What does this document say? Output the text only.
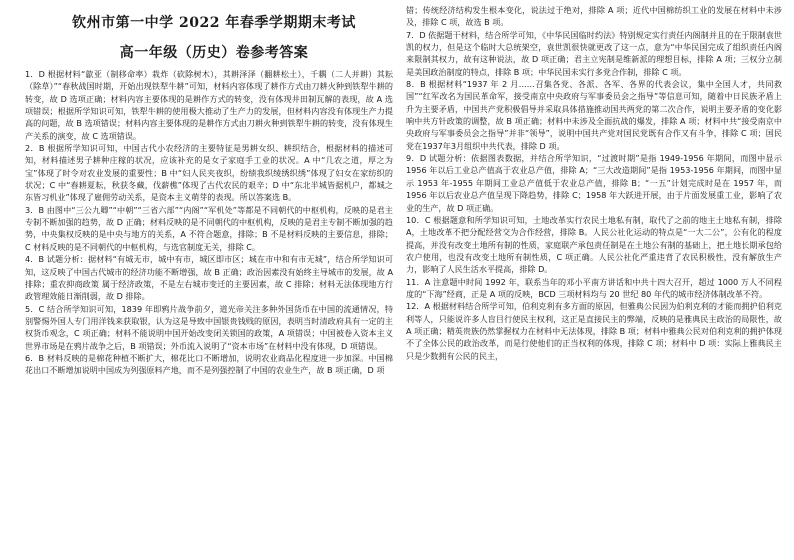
钦州市第一中学 2022 年春季学期期末考试
高一年级（历史）卷参考答案

1．D 根据材料“歙亚（制移命率）栽炸（砍除树木），其耕泽泽（翻耕松土），千耦（二人并耕）其耘（除草）”“春秋战国时期，开始出现铁犁牛耕”可知，材料内容体现了耕作方式由刀耕火种到铁犁牛耕的转变，故 D 选项正确；材料内容主要体现的是耕作方式的转变，没有体现井田制瓦解的表现，故 A 选项错误；根据所学知识可知，铁犁牛耕的使用极大推动了生产力的发展，但材料内容没有体现生产力提高的问题，故 B 选项错误；材料内容主要体现的是耕作方式由刀耕火种到铁犁牛耕的转变，没有体现生产关系的演变，故 C 选项错误。

2．B 根据所学知识可知，中国古代小农经济的主要特征是男耕女织、耕织结合，根据材料的描述可知，材料描述男子耕种庄稼的状况，应该补充的是女子家庭手工业的状况。A 中“几农之道，厚之为宝”体现了时令对农业发展的重要性；B 中“妇人民夹夜织，纷绩我织绫绣织绣”体现了妇女在家纺织的状况；C 中“春耕夏耘，秋获冬藏，伐薪樵”体现了古代农民的艰辛；D 中“东北半城皆据机户，都城之东皆习机业”体现了雇佣劳动关系，是资本主义萌芽的表现。所以答案选 B。

3．B 由图中“三公九卿”“中朝”“三省六部”“内阁”“军机处”等都是不同朝代的中枢机构，反映的是君主专制不断加强的趋势，故 D 正确；材料反映的是不同朝代的中枢机构，反映的是君主专制不断加强的趋势，中央集权反映的是中央与地方的关系，A 不符合题意，排除；B 不是材料反映的主要信息，排除；C 材料反映的是不同朝代的中枢机构，与选官制度无关，排除 C。

4．B 试题分析：据材料“有城无市，城中有市，城区即市区；城在市中和有市无城”，结合所学知识可知，这反映了中国古代城市的经济功能不断增强，故 B 正确；政治因素没有始终主导城市的发展，故 A 排除；重农抑商政策 属于经济政策，不是左右城市变迁的主要因素，故 C 排除；材料无法体现地方行政管理效能日渐削弱，故 D 排除。

5．C 结合所学知识可知，1839 年即鸦片战争前夕，道光帝关注多种外国货币在中国的流通情况，特别警惕外国人专门用洋钱来获取银，认为这是导致中国银贵钱贱的原因，表明当时清政府具有一定的主权货币观念，C 项正确；材料不能说明中国开始改变闭关锁国的政策，A 项错误；中国被卷入资本主义世界市场是在鸦片战争之后，B 项错误；外币流入说明了“资本市场”在材料中没有体现，D 项错误。

6．B 材料反映的是棉花种植不断扩大，棉花比口不断增加，说明农业商品化程度进一步加深。中国棉花出口不断增加说明中国成为列强原料产地，而不是列强控制了中国的农业生产，故 B 项正确，D 项

错；传统经济结构发生根本变化，说法过于绝对，排除 A 项；近代中国棉纺织工业的发展在材料中未涉及，排除 C 项，故选 B 项。

7．D 依据题干材料，结合所学可知，《中华民国临时约法》特别规定实行责任内阁制并且的在于限制袁世凯的权力，但是这个临时大总统架空，袁世凯很快就更改了这一点，意为“中华民国完成了组织责任内阁来限制其权力，故有这种说法，故 D 项正确；君主立宪制是维新派的理想目标，排除 A 项；三权分立制是美国政治制度的特点，排除 B 项；中华民国未实行多党合作制，排除 C 项。

8．B 根据材料“1937 年 2 月……召集各党、各派、各军、各界的代表会议，集中全国人才，共同救国”“红军改名为国民革命军，接受南京中央政府与军事委员会之指导”等信息可知，随着中日民族矛盾上升为主要矛盾，中国共产党积极倡导并采取具体措施推动国共两党的第二次合作，说明主要矛盾的变化影响中共方针政策的调整，故 B 项正确；材料中未涉及全面抗战的爆发，排除 A 项；材料中共“接受南京中央政府与军事委员会之指导”并非“领导”，说明中国共产党对国民党既有合作又有斗争，排除 C 项；国民党在1937年3月组织中共代表，排除 D 项。

9．D 试题分析：依据图表数据，并结合所学知识，“过渡时期”是指 1949-1956 年期间，而图中显示 1956 年以后工业总产值高于农业总产值，排除 A；“三大改造期间”是指 1953-1956 年期间，而图中显示 1953 年-1955 年期间工业总产值低于农业总产值，排除 B；“一五”计划完成时是在 1957 年，而 1956 年以后农业总产值呈现下降趋势，排除 C；1958 年大跃进开展，由于片面发展重工业，影响了农业的生产，故 D 项正确。

10．C 根据题意和所学知识可知，土地改革实行农民土地私有制，取代了之前的地主土地私有制，排除 A，土地改革不把分配经营交为合作经营，排除 B。人民公社化运动的特点是“一大二公”，公有化的程度提高，并没有改变土地所有制的性质，家庭联产承包责任制是在土地公有制的基础上，把土地长期承包给农户使用，也没有改变土地所有制性质，C 项正确。人民公社化严重违背了农民积极性，没有解放生产力，影响了人民生活水平提高，排除 D。

11．A 注意题中时间 1992 年，联系当年的邓小平南方讲话和中共十四大召开，超过 1000 万人不同程度的“下海”经商，正是 A 项的反映，BCD 三项材料均与 20 世纪 80 年代的城市经济体制改革不符。

12．A 根据材料结合所学可知，伯利克利有多方面的原因，但雅典公民因为伯利克利的才能而拥护伯利克利等人，只能说许多人盲目行使民主权利，这正是直接民主的弊端，反映的是雅典民主政治的局限性，故 A 项正确；精英贵族仍然掌握权力在材料中无法体现，排除 B 项；材料中雅典公民对伯利克利的拥护体现不了全体公民的政治改革，而是行使他们的正当权利的体现，排除 C 项；材料中 D 项：实际上雅典民主只是少数拥有公民的民主，
